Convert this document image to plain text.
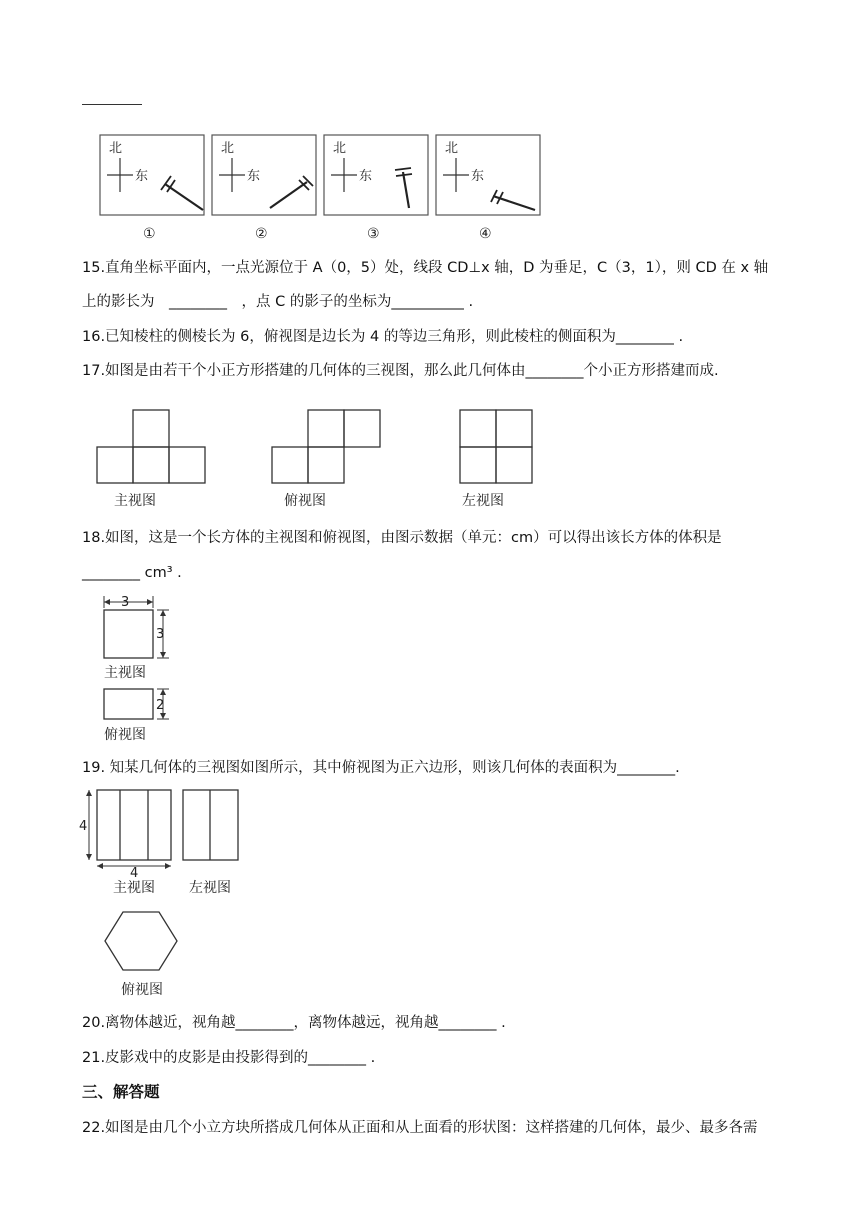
北
东
①
北
东
②
北
东
③
北
东
④
15.直角坐标平面内，一点光源位于 A（0，5）处，线段 CD⊥x 轴，D 为垂足，C（3，1），则 CD 在 x 轴
上的影长为　________　，点 C 的影子的坐标为__________ .
16.已知棱柱的侧棱长为 6，俯视图是边长为 4 的等边三角形，则此棱柱的侧面积为________ .
17.如图是由若干个小正方形搭建的几何体的三视图，那么此几何体由________个小正方形搭建而成.
主视图	俯视图	左视图
18.如图，这是一个长方体的主视图和俯视图，由图示数据（单元：cm）可以得出该长方体的体积是
________ cm³ .
3
3
主视图
2
俯视图
19. 知某几何体的三视图如图所示，其中俯视图为正六边形，则该几何体的表面积为________.
4
4
主视图 左视图
俯视图
20.离物体越近，视角越________，离物体越远，视角越________ .
21.皮影戏中的皮影是由投影得到的________ .
三、解答题
22.如图是由几个小立方块所搭成几何体从正面和从上面看的形状图：这样搭建的几何体，最少、最多各需
